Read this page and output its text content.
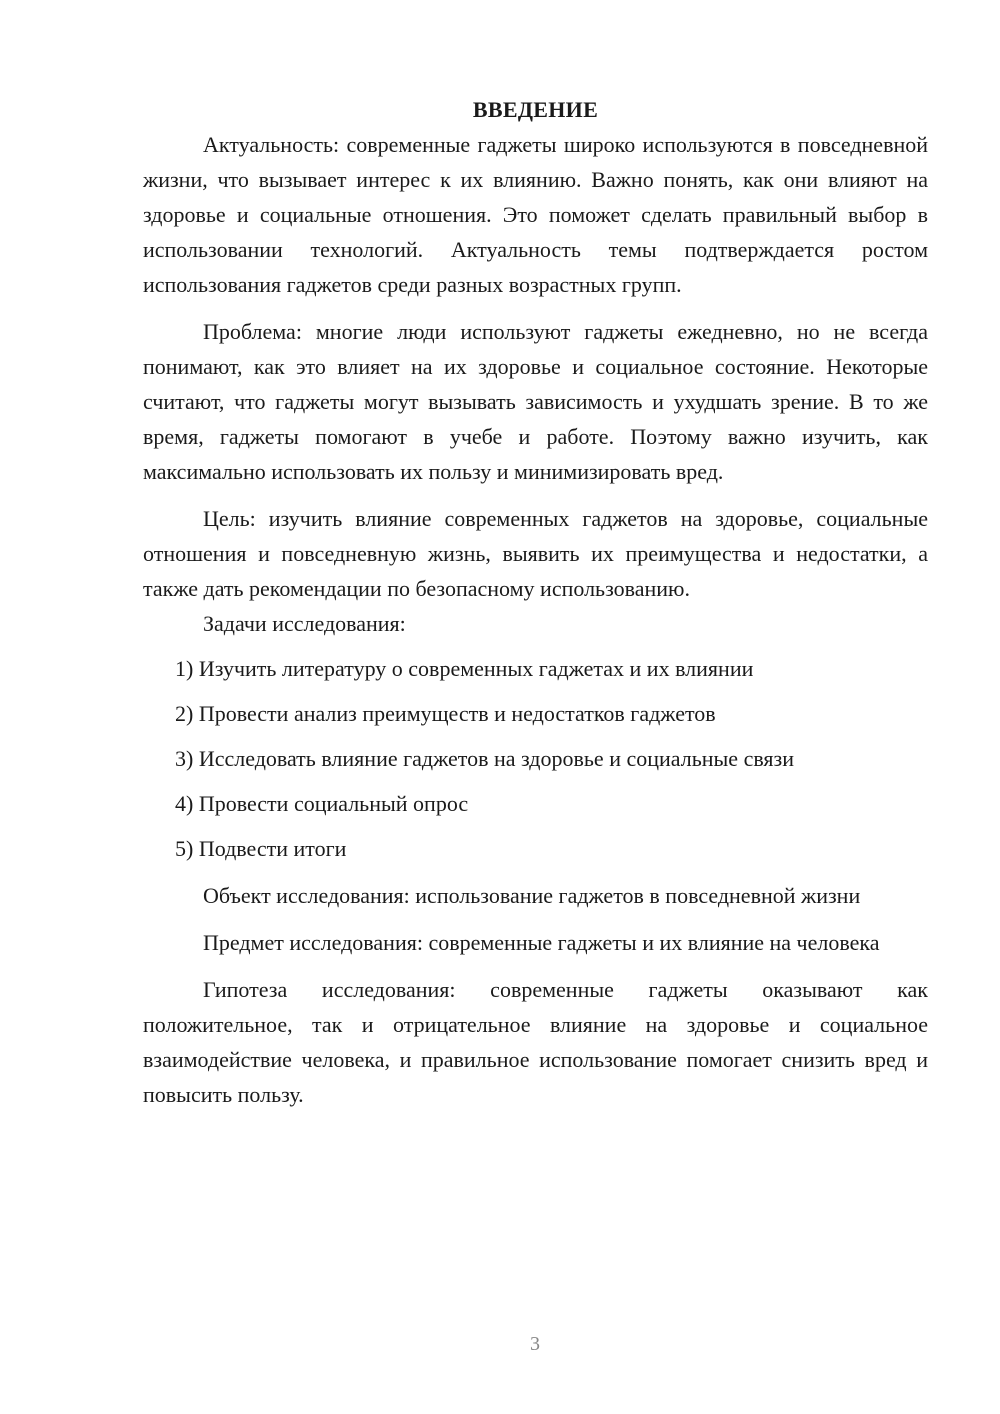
ВВЕДЕНИЕ

Актуальность: современные гаджеты широко используются в повседневной жизни, что вызывает интерес к их влиянию. Важно понять, как они влияют на здоровье и социальные отношения. Это поможет сделать правильный выбор в использовании технологий. Актуальность темы подтверждается ростом использования гаджетов среди разных возрастных групп.

Проблема: многие люди используют гаджеты ежедневно, но не всегда понимают, как это влияет на их здоровье и социальное состояние. Некоторые считают, что гаджеты могут вызывать зависимость и ухудшать зрение. В то же время, гаджеты помогают в учебе и работе. Поэтому важно изучить, как максимально использовать их пользу и минимизировать вред.

Цель: изучить влияние современных гаджетов на здоровье, социальные отношения и повседневную жизнь, выявить их преимущества и недостатки, а также дать рекомендации по безопасному использованию.

Задачи исследования:

1) Изучить литературу о современных гаджетах и их влиянии
2) Провести анализ преимуществ и недостатков гаджетов
3) Исследовать влияние гаджетов на здоровье и социальные связи
4) Провести социальный опрос
5) Подвести итоги

Объект исследования: использование гаджетов в повседневной жизни

Предмет исследования: современные гаджеты и их влияние на человека

Гипотеза исследования: современные гаджеты оказывают как положительное, так и отрицательное влияние на здоровье и социальное взаимодействие человека, и правильное использование помогает снизить вред и повысить пользу.

3
